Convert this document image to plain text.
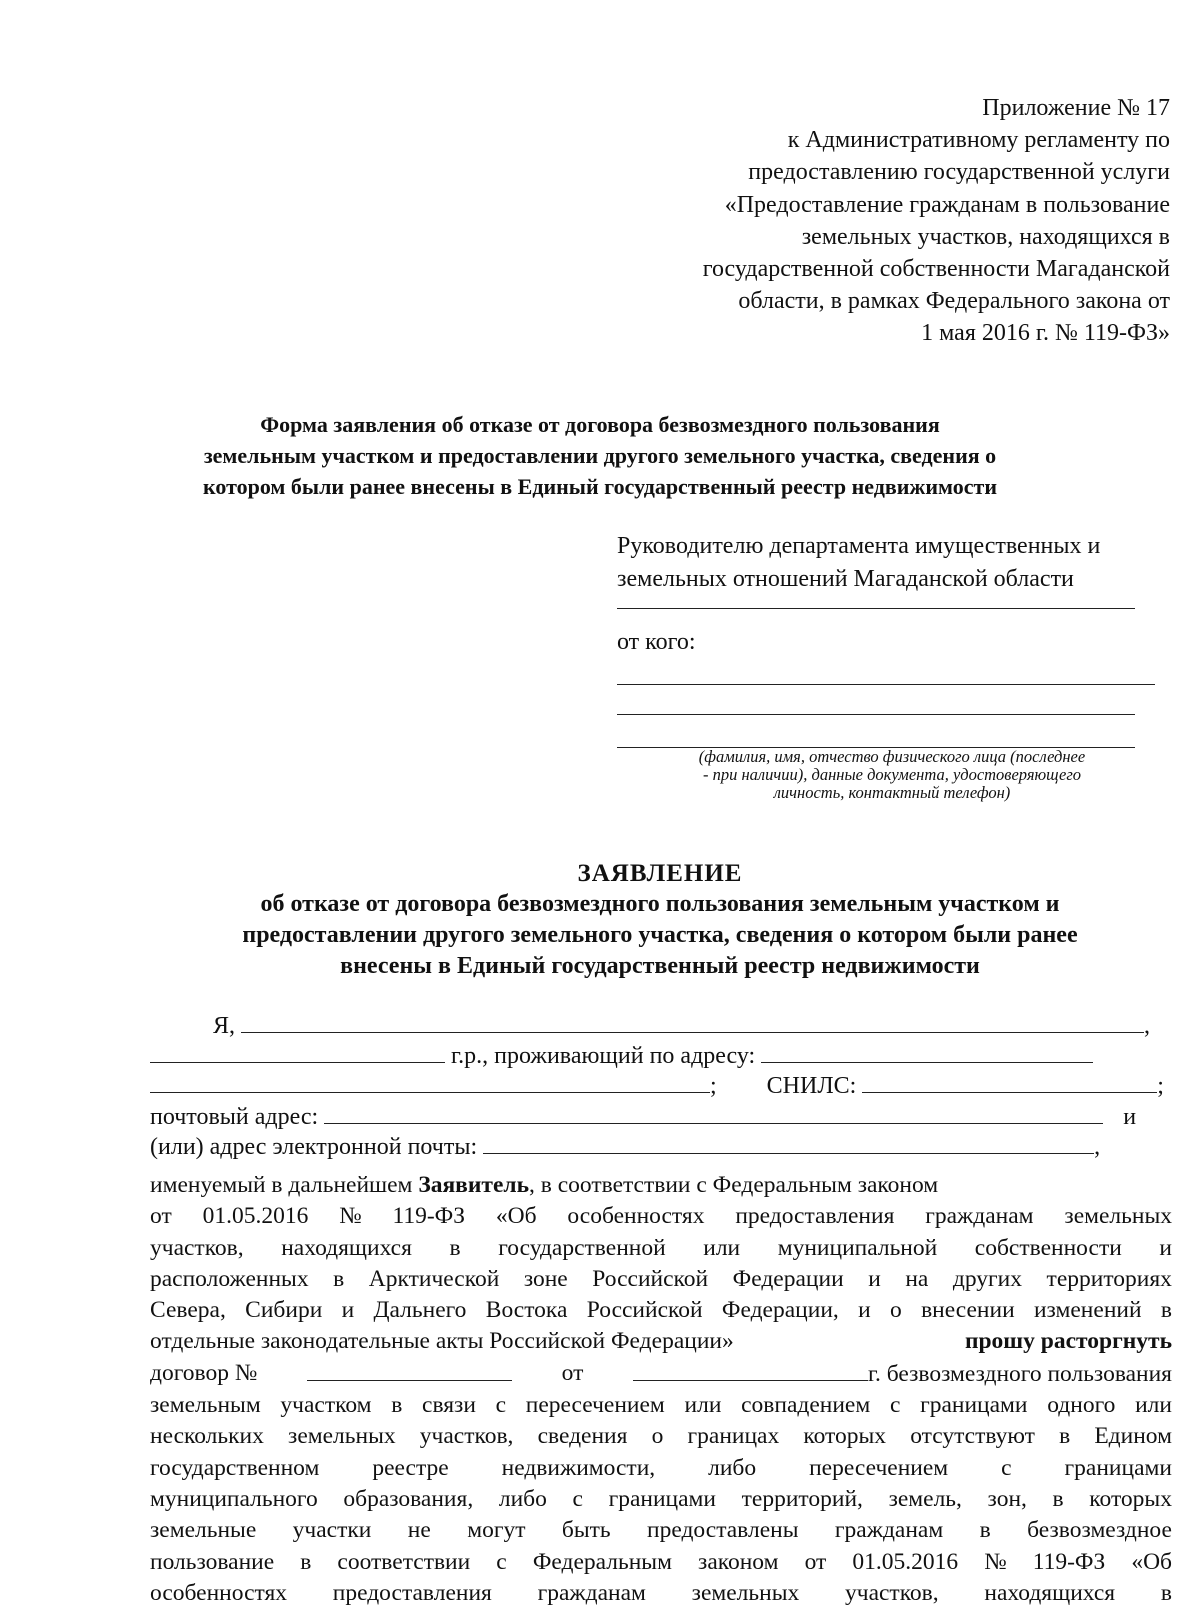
Приложение № 17
к Административному регламенту по
предоставлению государственной услуги
«Предоставление гражданам в пользование
земельных участков, находящихся в
государственной собственности Магаданской
области, в рамках Федерального закона от
1 мая 2016 г. № 119-ФЗ»
Форма заявления об отказе от договора безвозмездного пользования
земельным участком и предоставлении другого земельного участка, сведения о
котором были ранее внесены в Единый государственный реестр недвижимости
Руководителю департамента имущественных и
земельных отношений Магаданской области
от кого:
(фамилия, имя, отчество физического лица (последнее
- при наличии), данные документа, удостоверяющего
личность, контактный телефон)
ЗАЯВЛЕНИЕ
об отказе от договора безвозмездного пользования земельным участком и
предоставлении другого земельного участка, сведения о котором были ранее
внесены в Единый государственный реестр недвижимости
Я,	,
г.р., проживающий по адресу:
; СНИЛС:	;
почтовый адрес:	и
(или) адрес электронной почты:	,
именуемый в дальнейшем Заявитель, в соответствии с Федеральным законом
от 01.05.2016 № 119-ФЗ «Об особенностях предоставления гражданам земельных
участков, находящихся в государственной или муниципальной собственности и
расположенных в Арктической зоне Российской Федерации и на других территориях
Севера, Сибири и Дальнего Востока Российской Федерации, и о внесении изменений в
отдельные законодательные акты Российской Федерации»	прошу расторгнуть
договор №	от	г. безвозмездного пользования
земельным участком в связи с пересечением или совпадением с границами одного или
нескольких земельных участков, сведения о границах которых отсутствуют в Едином
государственном реестре недвижимости, либо пересечением с границами
муниципального образования, либо с границами территорий, земель, зон, в которых
земельные участки не могут быть предоставлены гражданам в безвозмездное
пользование в соответствии с Федеральным законом от 01.05.2016 № 119-ФЗ «Об
особенностях предоставления гражданам земельных участков, находящихся в
